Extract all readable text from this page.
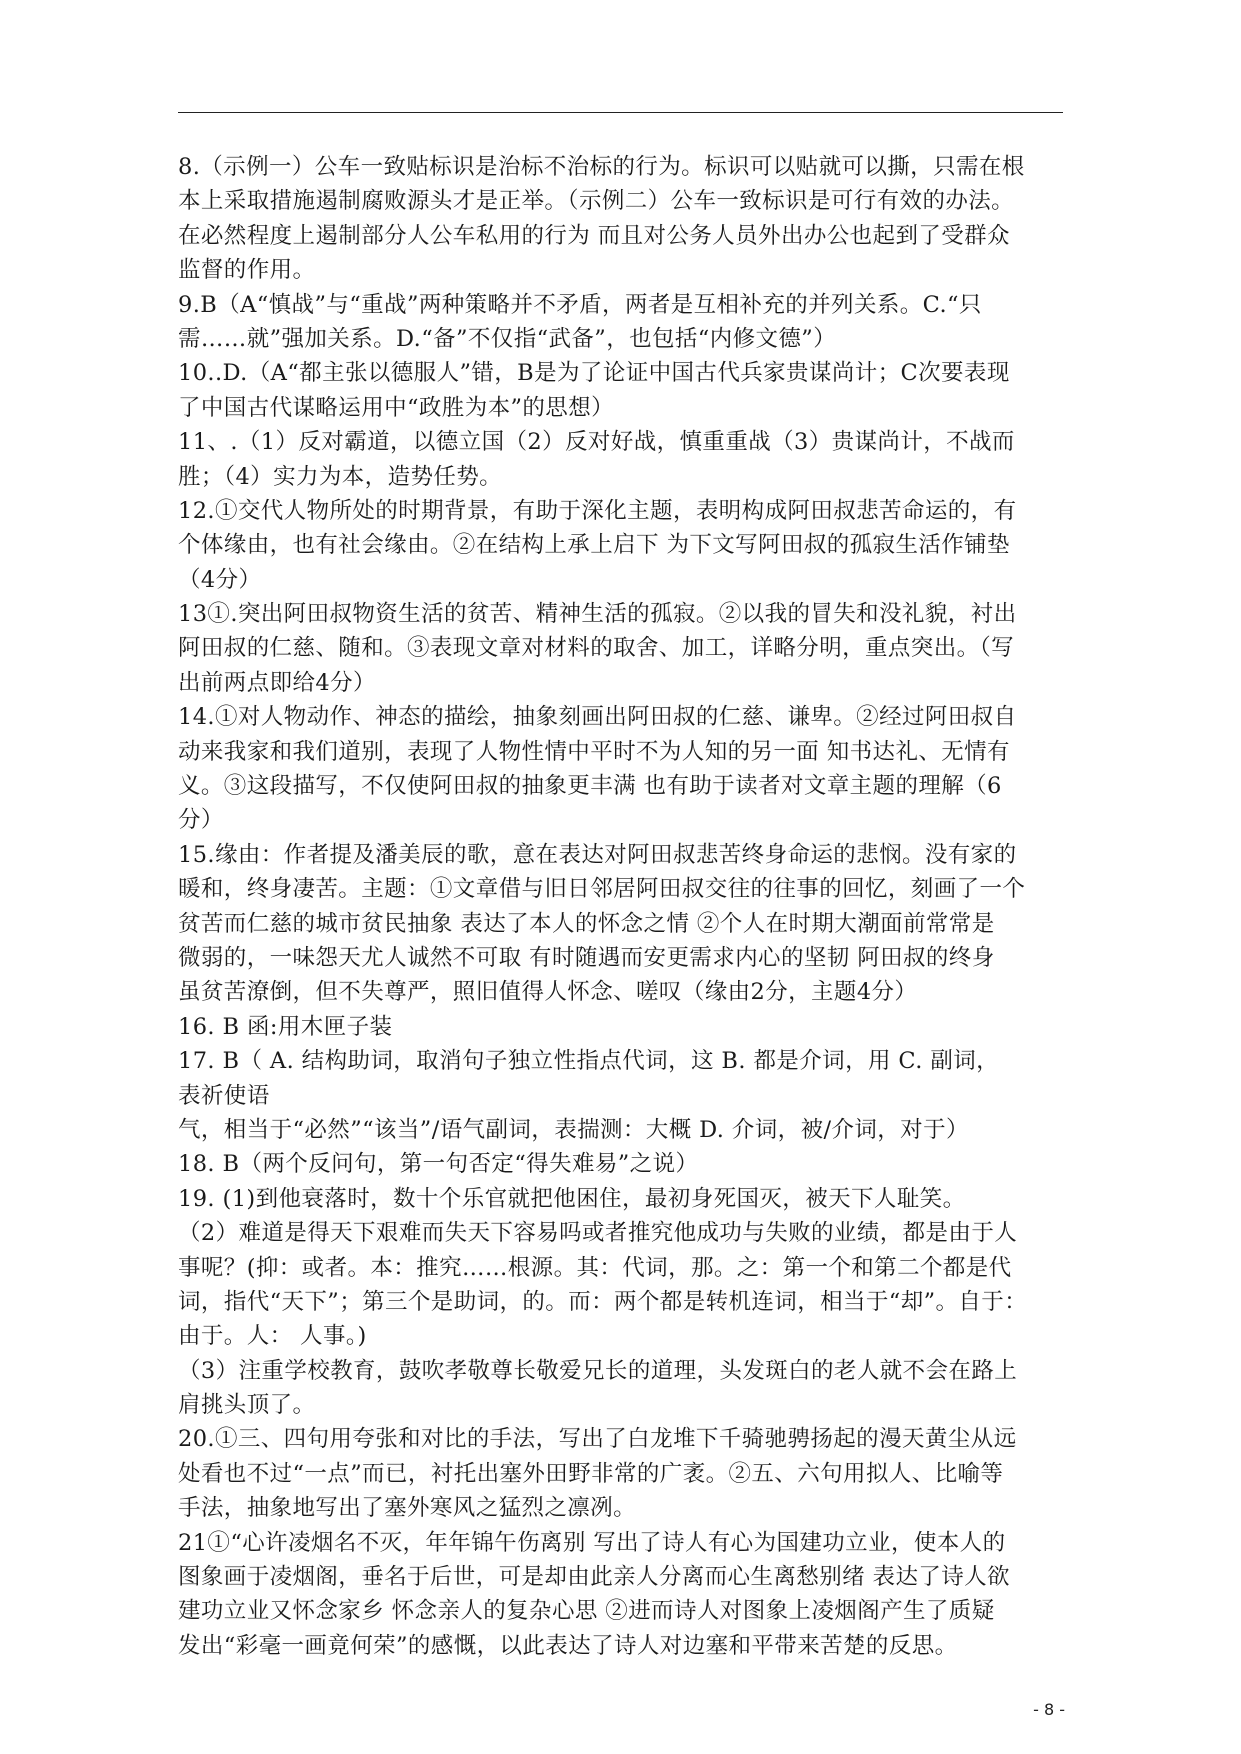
8.（示例一）公车一致贴标识是治标不治标的行为。标识可以贴就可以撕，只需在根
本上采取措施遏制腐败源头才是正举。（示例二）公车一致标识是可行有效的办法。
在必然程度上遏制部分人公车私用的行为 而且对公务人员外出办公也起到了受群众
监督的作用。
9.B（A“慎战”与“重战”两种策略并不矛盾，两者是互相补充的并列关系。C.“只
需……就”强加关系。D.“备”不仅指“武备”，也包括“内修文德”）
10..D.（A“都主张以德服人”错，B是为了论证中国古代兵家贵谋尚计；C次要表现
了中国古代谋略运用中“政胜为本”的思想）
11、.（1）反对霸道，以德立国（2）反对好战，慎重重战（3）贵谋尚计，不战而
胜；（4）实力为本，造势任势。
12.①交代人物所处的时期背景，有助于深化主题，表明构成阿田叔悲苦命运的，有
个体缘由，也有社会缘由。②在结构上承上启下 为下文写阿田叔的孤寂生活作铺垫
（4分）
13①.突出阿田叔物资生活的贫苦、精神生活的孤寂。②以我的冒失和没礼貌，衬出
阿田叔的仁慈、随和。③表现文章对材料的取舍、加工，详略分明，重点突出。（写
出前两点即给4分）
14.①对人物动作、神态的描绘，抽象刻画出阿田叔的仁慈、谦卑。②经过阿田叔自
动来我家和我们道别，表现了人物性情中平时不为人知的另一面 知书达礼、无情有
义。③这段描写，不仅使阿田叔的抽象更丰满 也有助于读者对文章主题的理解（6
分）
15.缘由：作者提及潘美辰的歌，意在表达对阿田叔悲苦终身命运的悲悯。没有家的
暖和，终身凄苦。主题：①文章借与旧日邻居阿田叔交往的往事的回忆，刻画了一个
贫苦而仁慈的城市贫民抽象 表达了本人的怀念之情 ②个人在时期大潮面前常常是
微弱的，一味怨天尤人诚然不可取 有时随遇而安更需求内心的坚韧 阿田叔的终身
虽贫苦潦倒，但不失尊严，照旧值得人怀念、嗟叹（缘由2分，主题4分）
16. B 函:用木匣子装
17. B（ A. 结构助词，取消句子独立性指点代词，这 B. 都是介词，用 C. 副词，
表祈使语
气，相当于“必然”“该当”/语气副词，表揣测：大概 D. 介词，被/介词，对于）
18. B（两个反问句，第一句否定“得失难易”之说）
19. (1)到他衰落时，数十个乐官就把他困住，最初身死国灭，被天下人耻笑。
（2）难道是得天下艰难而失天下容易吗或者推究他成功与失败的业绩，都是由于人
事呢？(抑：或者。本：推究……根源。其：代词，那。之：第一个和第二个都是代
词，指代“天下”；第三个是助词，的。而：两个都是转机连词，相当于“却”。自于：
由于。人： 人事。)
（3）注重学校教育，鼓吹孝敬尊长敬爱兄长的道理，头发斑白的老人就不会在路上
肩挑头顶了。
20.①三、四句用夸张和对比的手法，写出了白龙堆下千骑驰骋扬起的漫天黄尘从远
处看也不过“一点”而已，衬托出塞外田野非常的广袤。②五、六句用拟人、比喻等
手法，抽象地写出了塞外寒风之猛烈之凛冽。
21①“心许凌烟名不灭，年年锦午伤离别 写出了诗人有心为国建功立业，使本人的
图象画于凌烟阁，垂名于后世，可是却由此亲人分离而心生离愁别绪 表达了诗人欲
建功立业又怀念家乡 怀念亲人的复杂心思 ②进而诗人对图象上凌烟阁产生了质疑
发出“彩毫一画竟何荣”的感慨，以此表达了诗人对边塞和平带来苦楚的反思。
- 8 -
